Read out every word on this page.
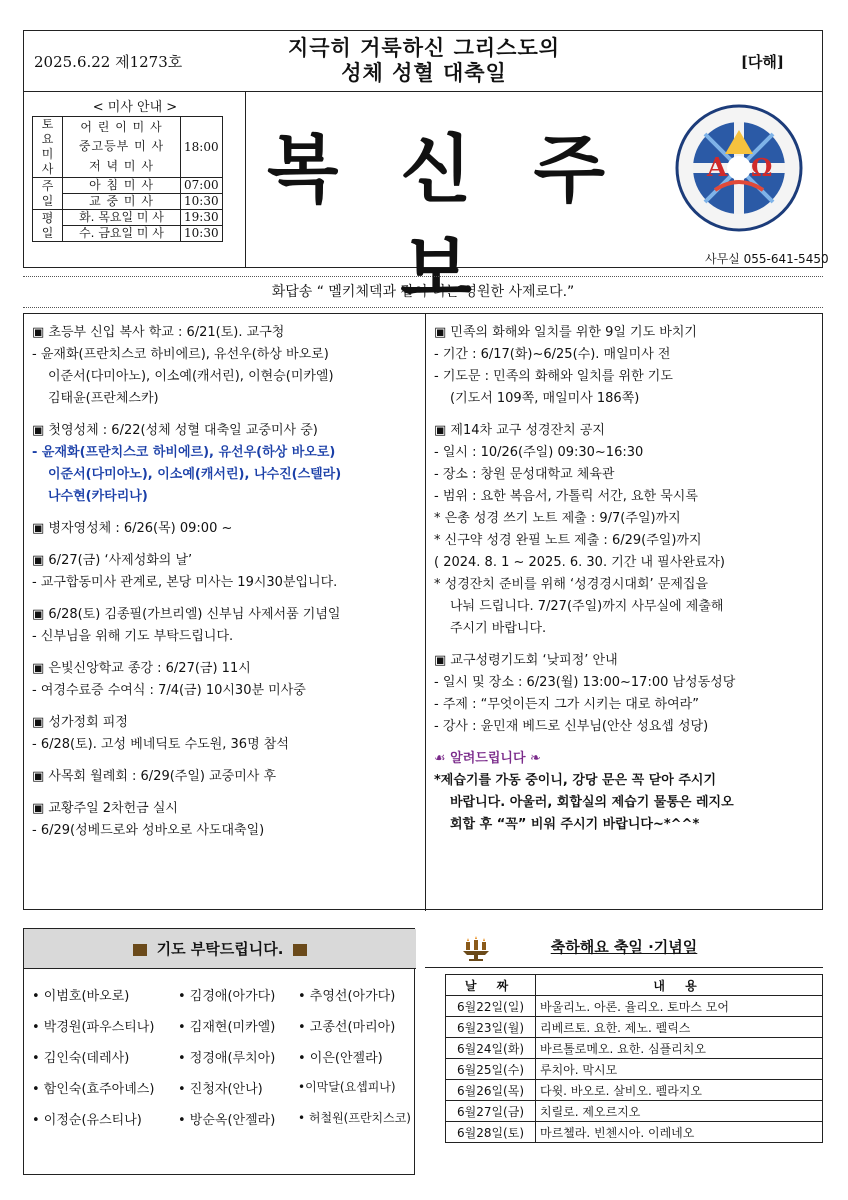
2025.6.22 제1273호
지극히 거룩하신 그리스도의
성체 성혈 대축일	[다해]
< 미사 안내 >
토요
미사	어 린 이 미 사	18:00
	중고등부 미 사	
	저 녁 미 사	
주일	아 침 미 사	07:00
	교 중 미 사	10:30
평일	화. 목요일 미 사	19:30
	수. 금요일 미 사	10:30
복 신 주 보
A Ω
사무실 055-641-5450
화답송 “ 멜키체덱과 같이 너는 영원한 사제로다.”
▣ 초등부 신입 복사 학교 : 6/21(토). 교구청
- 윤재화(프란치스코 하비에르), 유선우(하상 바오로)
이준서(다미아노), 이소예(캐서린), 이현승(미카엘)
김태윤(프란체스카)
▣ 첫영성체 : 6/22(성체 성혈 대축일 교중미사 중)
- 윤재화(프란치스코 하비에르), 유선우(하상 바오로)
이준서(다미아노), 이소예(캐서린), 나수진(스텔라)
나수현(카타리나)
▣ 병자영성체 : 6/26(목) 09:00 ~
▣ 6/27(금) ‘사제성화의 날’
- 교구합동미사 관계로, 본당 미사는 19시30분입니다.
▣ 6/28(토) 김종필(가브리엘) 신부님 사제서품 기념일
- 신부님을 위해 기도 부탁드립니다.
▣ 은빛신앙학교 종강 : 6/27(금) 11시
- 여경수료증 수여식 : 7/4(금) 10시30분 미사중
▣ 성가정회 피정
- 6/28(토). 고성 베네딕토 수도원, 36명 참석
▣ 사목회 월례회 : 6/29(주일) 교중미사 후
▣ 교황주일 2차헌금 실시
- 6/29(성베드로와 성바오로 사도대축일)
▣ 민족의 화해와 일치를 위한 9일 기도 바치기
- 기간 : 6/17(화)~6/25(수). 매일미사 전
- 기도문 : 민족의 화해와 일치를 위한 기도
(기도서 109쪽, 매일미사 186쪽)
▣ 제14차 교구 성경잔치 공지
- 일시 : 10/26(주일) 09:30~16:30
- 장소 : 창원 문성대학교 체육관
- 범위 : 요한 복음서, 가톨릭 서간, 요한 묵시록
* 은총 성경 쓰기 노트 제출 : 9/7(주일)까지
* 신구약 성경 완필 노트 제출 : 6/29(주일)까지
( 2024. 8. 1 ~ 2025. 6. 30. 기간 내 필사완료자)
* 성경잔치 준비를 위해 ‘성경경시대회’ 문제집을
나눠 드립니다. 7/27(주일)까지 사무실에 제출해
주시기 바랍니다.
▣ 교구성령기도회 ‘낮피정’ 안내
- 일시 및 장소 : 6/23(월) 13:00~17:00 남성동성당
- 주제 : “무엇이든지 그가 시키는 대로 하여라”
- 강사 : 윤민재 베드로 신부님(안산 성요셉 성당)
☙ 알려드립니다 ❧
*제습기를 가동 중이니, 강당 문은 꼭 닫아 주시기
바랍니다. 아울러, 회합실의 제습기 물통은 레지오
회합 후 “꼭” 비워 주시기 바랍니다~*^^*
기도 부탁드립니다.
• 이범호(바오로)	• 김경애(아가다)	• 추영선(아가다)
• 박경원(파우스티나)	• 김재현(미카엘)	• 고종선(마리아)
• 김인숙(데레사)	• 정경애(루치아)	• 이은(안젤라)
• 함인숙(효주아녜스)	• 진청자(안나)	•이막달(요셉피나)
• 이정순(유스티나)	• 방순옥(안젤라)	• 허철원(프란치스코)
축하해요 축일 ·기념일
날 짜	내 용
6월22일(일)	바울리노. 아론. 율리오. 토마스 모어
6월23일(월)	리베르토. 요한. 제노. 펠릭스
6월24일(화)	바르톨로메오. 요한. 심플리치오
6월25일(수)	루치아. 막시모
6월26일(목)	다윗. 바오로. 살비오. 펠라지오
6월27일(금)	치릴로. 제오르지오
6월28일(토)	마르첼라. 빈첸시아. 이레네오
